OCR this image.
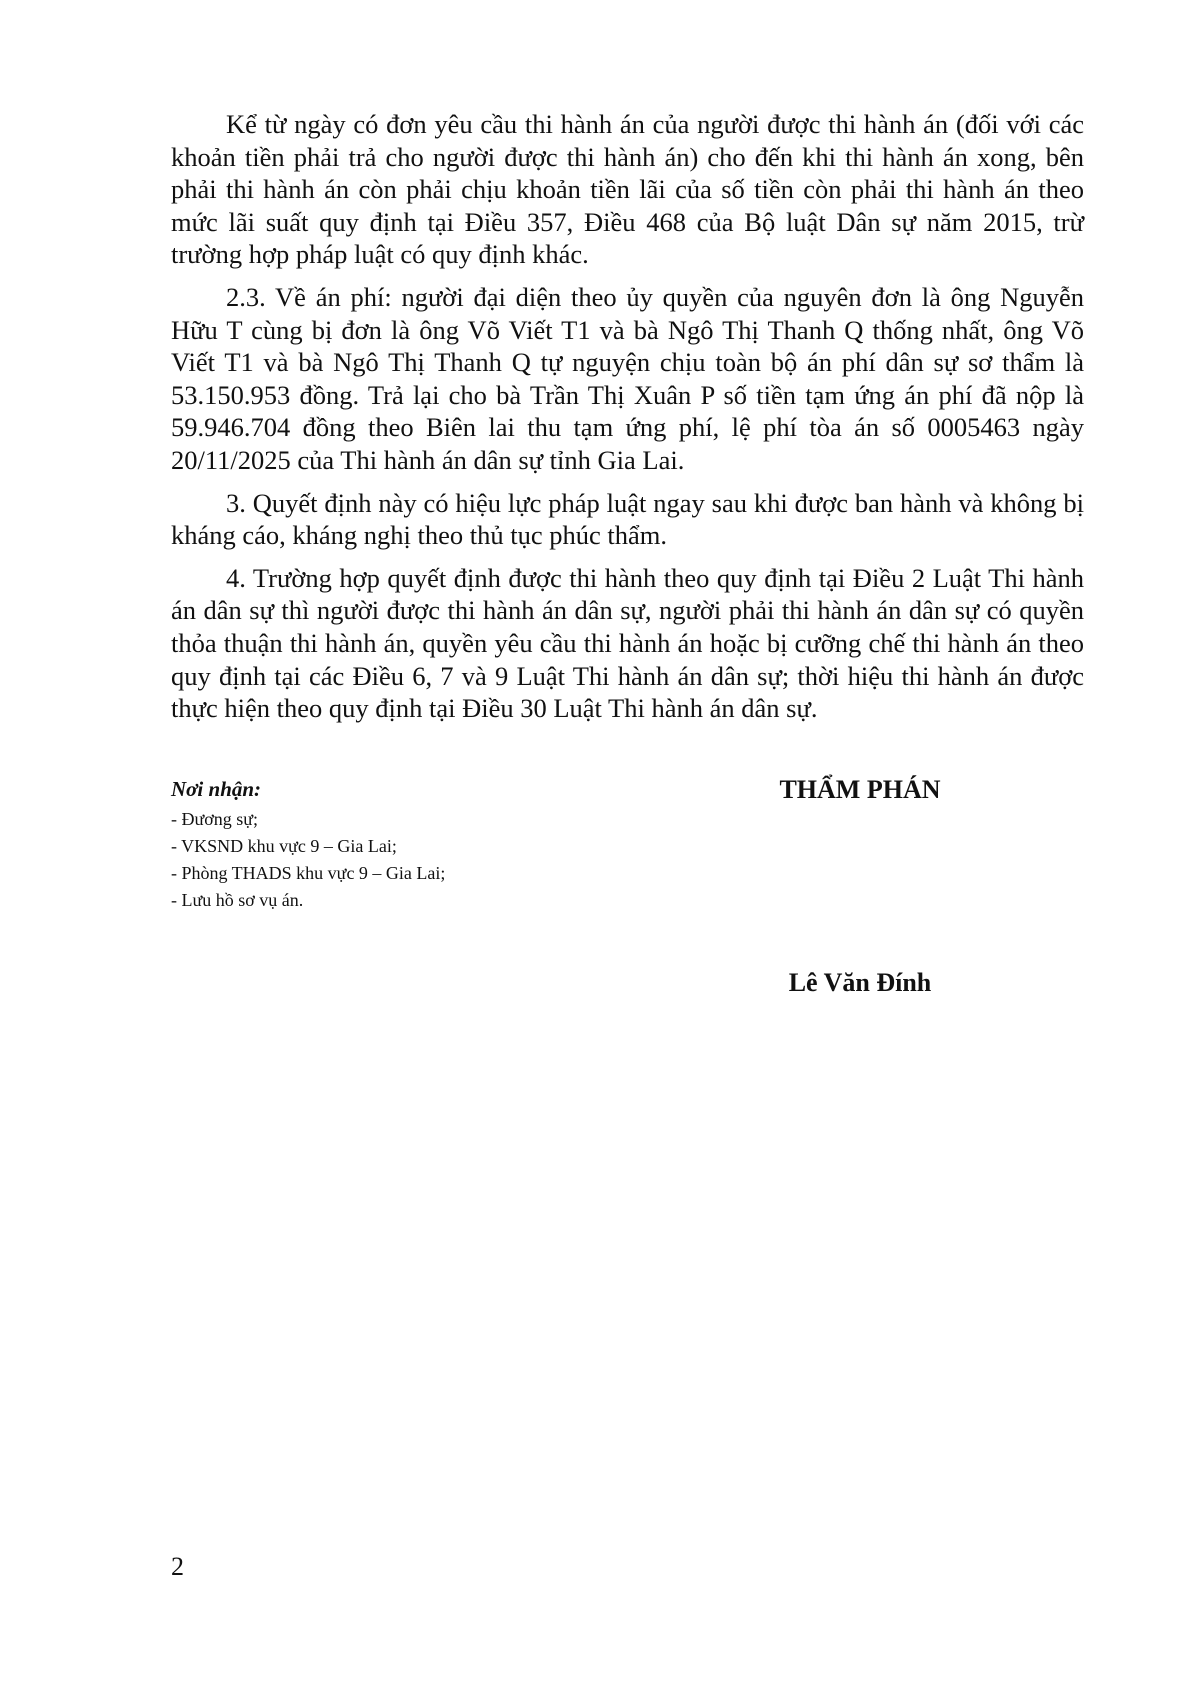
Kể từ ngày có đơn yêu cầu thi hành án của người được thi hành án (đối với các khoản tiền phải trả cho người được thi hành án) cho đến khi thi hành án xong, bên phải thi hành án còn phải chịu khoản tiền lãi của số tiền còn phải thi hành án theo mức lãi suất quy định tại Điều 357, Điều 468 của Bộ luật Dân sự năm 2015, trừ trường hợp pháp luật có quy định khác.

2.3. Về án phí: người đại diện theo ủy quyền của nguyên đơn là ông Nguyễn Hữu T cùng bị đơn là ông Võ Viết T1 và bà Ngô Thị Thanh Q thống nhất, ông Võ Viết T1 và bà Ngô Thị Thanh Q tự nguyện chịu toàn bộ án phí dân sự sơ thẩm là 53.150.953 đồng. Trả lại cho bà Trần Thị Xuân P số tiền tạm ứng án phí đã nộp là 59.946.704 đồng theo Biên lai thu tạm ứng phí, lệ phí tòa án số 0005463 ngày 20/11/2025 của Thi hành án dân sự tỉnh Gia Lai.

3. Quyết định này có hiệu lực pháp luật ngay sau khi được ban hành và không bị kháng cáo, kháng nghị theo thủ tục phúc thẩm.

4. Trường hợp quyết định được thi hành theo quy định tại Điều 2 Luật Thi hành án dân sự thì người được thi hành án dân sự, người phải thi hành án dân sự có quyền thỏa thuận thi hành án, quyền yêu cầu thi hành án hoặc bị cưỡng chế thi hành án theo quy định tại các Điều 6, 7 và 9 Luật Thi hành án dân sự; thời hiệu thi hành án được thực hiện theo quy định tại Điều 30 Luật Thi hành án dân sự.

Nơi nhận:
- Đương sự;
- VKSND khu vực 9 – Gia Lai;
- Phòng THADS khu vực 9 – Gia Lai;
- Lưu hồ sơ vụ án.
THẨM PHÁN
Lê Văn Đính
2
